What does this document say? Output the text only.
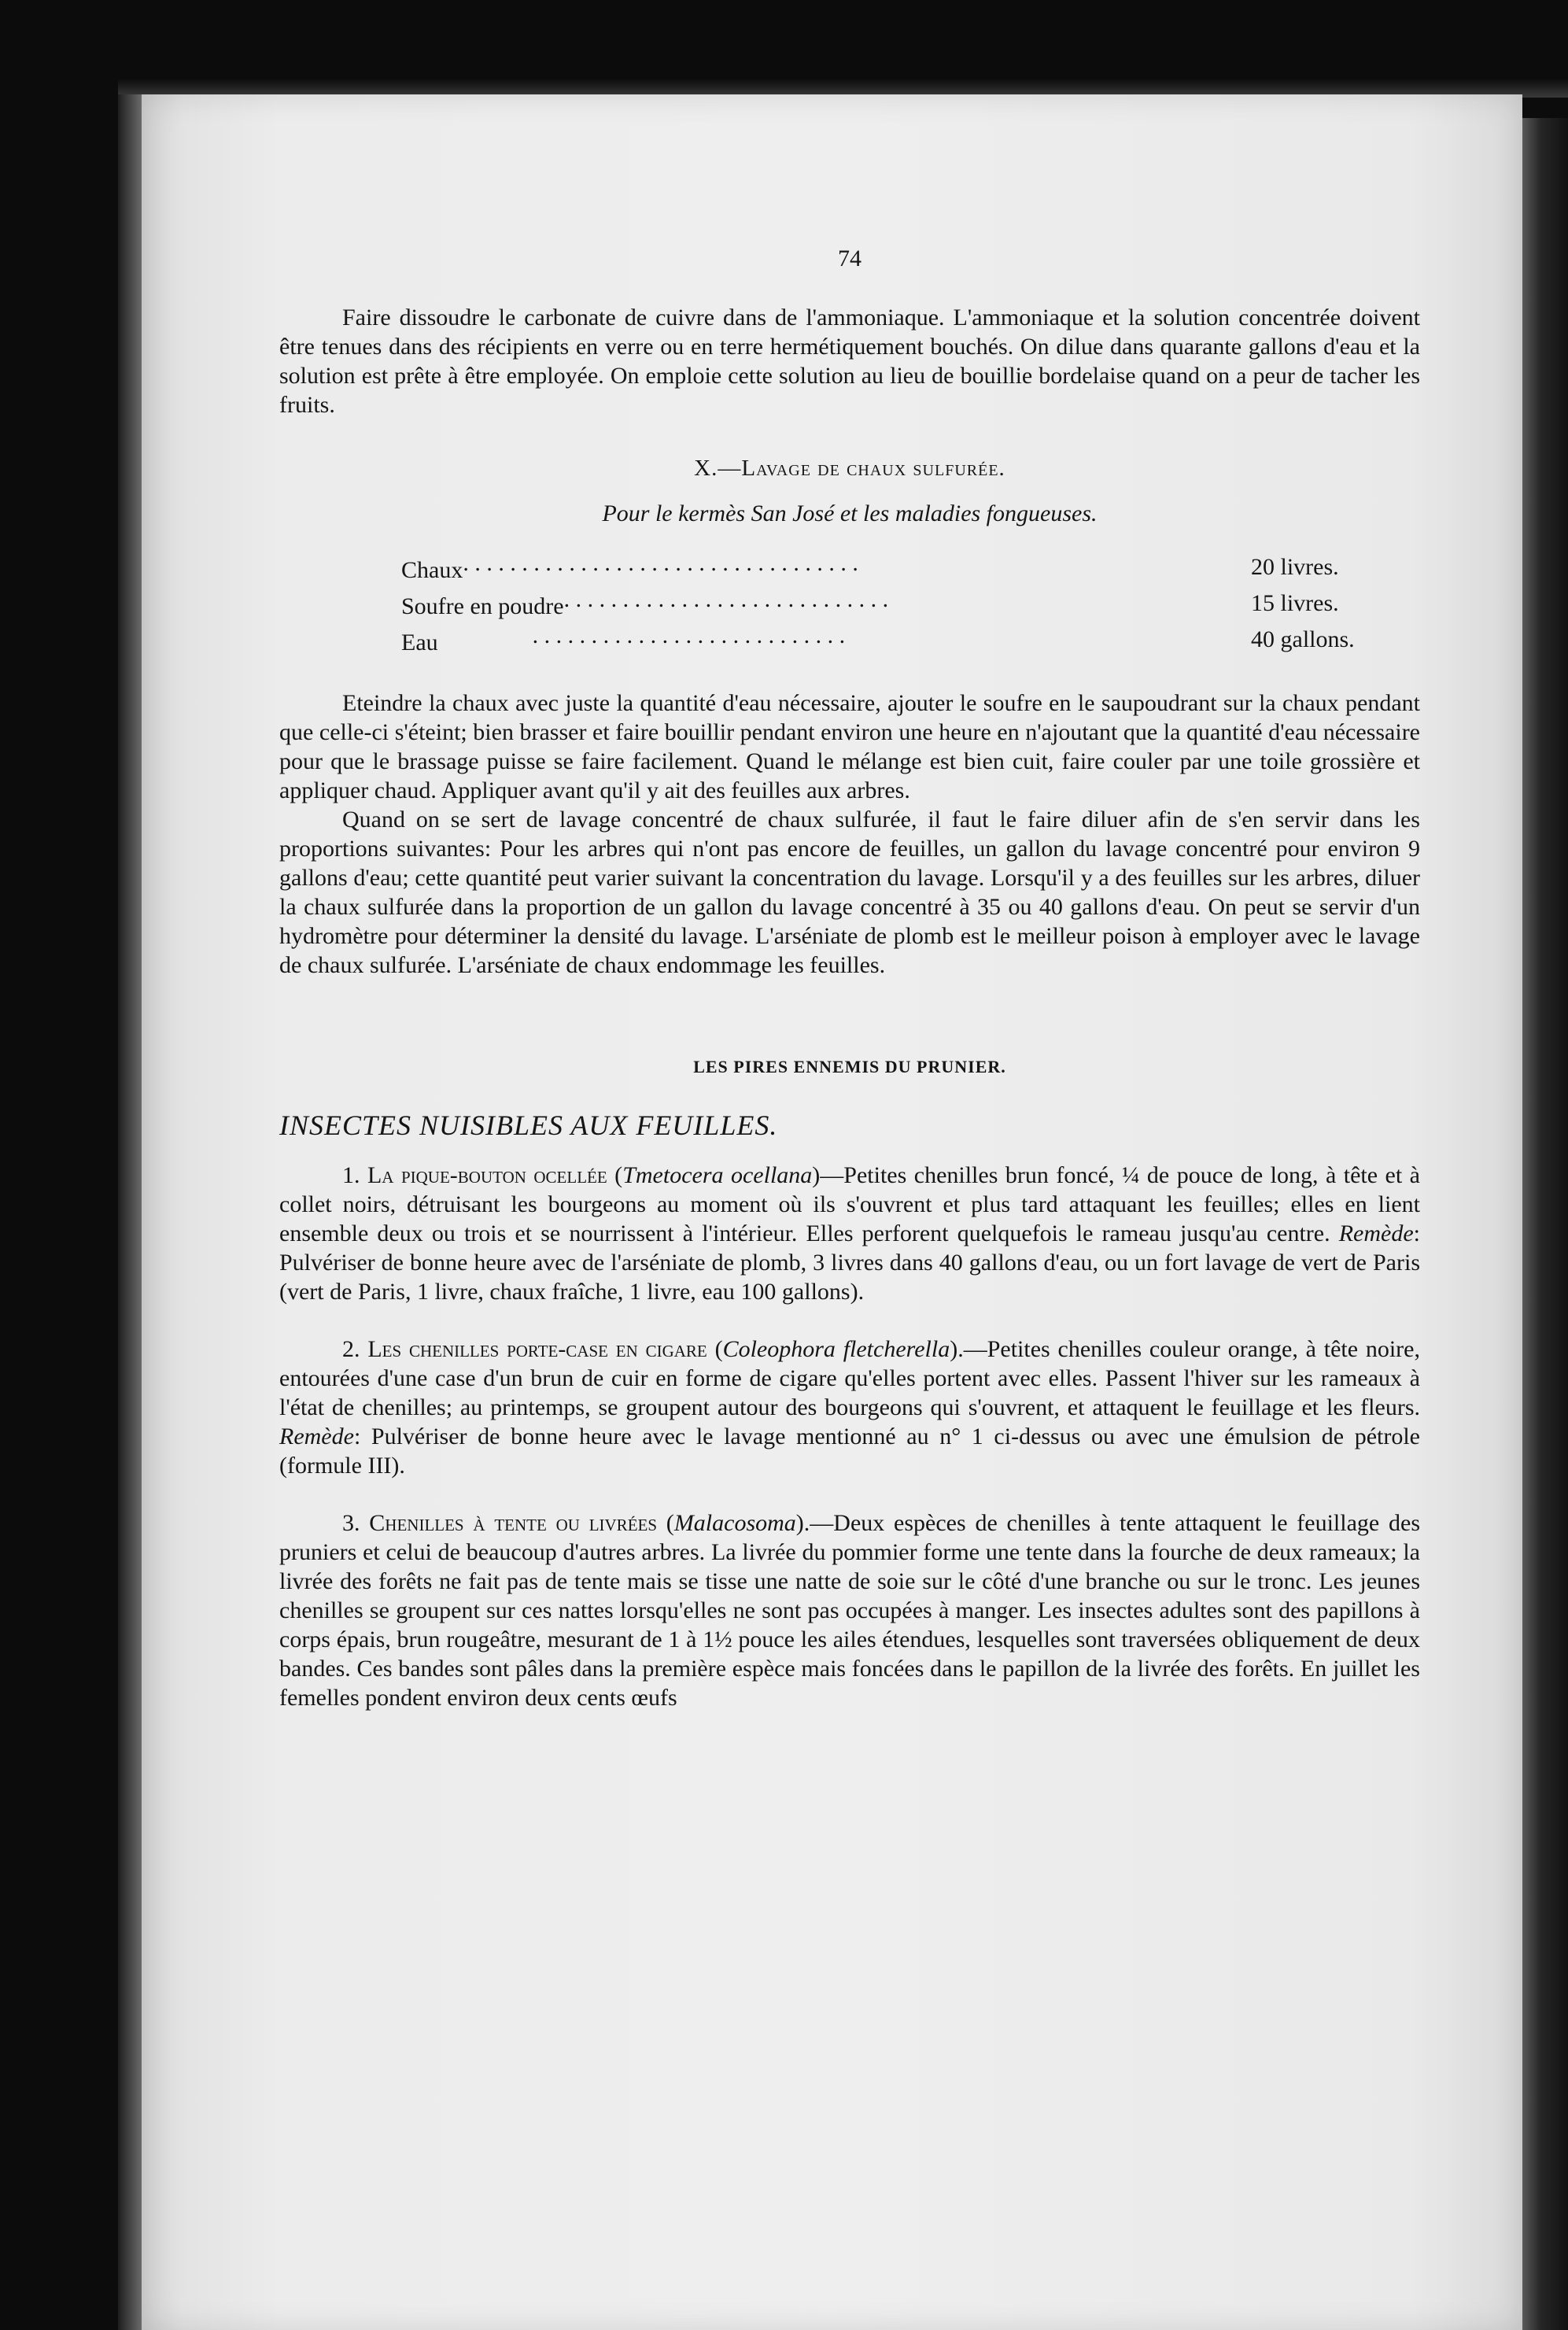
74

Faire dissoudre le carbonate de cuivre dans de l'ammoniaque. L'ammoniaque et la solution concentrée doivent être tenues dans des récipients en verre ou en terre hermétiquement bouchés. On dilue dans quarante gallons d'eau et la solution est prête à être employée. On emploie cette solution au lieu de bouillie bordelaise quand on a peur de tacher les fruits.

X.—Lavage de chaux sulfurée.
Pour le kermès San José et les maladies fongueuses.
Chaux. . . . . . . . . . . . . . . . . . . . . . . . . . . . . . . . . .	20 livres.
Soufre en poudre. . . . . . . . . . . . . . . . . . . . . . . . . . . .	15 livres.
Eau                . . . . . . . . . . . . . . . . . . . . . . . . . . .	40 gallons.

Eteindre la chaux avec juste la quantité d'eau nécessaire, ajouter le soufre en le saupoudrant sur la chaux pendant que celle-ci s'éteint; bien brasser et faire bouillir pendant environ une heure en n'ajoutant que la quantité d'eau nécessaire pour que le brassage puisse se faire facilement. Quand le mélange est bien cuit, faire couler par une toile grossière et appliquer chaud. Appliquer avant qu'il y ait des feuilles aux arbres.

Quand on se sert de lavage concentré de chaux sulfurée, il faut le faire diluer afin de s'en servir dans les proportions suivantes: Pour les arbres qui n'ont pas encore de feuilles, un gallon du lavage concentré pour environ 9 gallons d'eau; cette quantité peut varier suivant la concentration du lavage. Lorsqu'il y a des feuilles sur les arbres, diluer la chaux sulfurée dans la proportion de un gallon du lavage concentré à 35 ou 40 gallons d'eau. On peut se servir d'un hydromètre pour déterminer la densité du lavage. L'arséniate de plomb est le meilleur poison à employer avec le lavage de chaux sulfurée. L'arséniate de chaux endommage les feuilles.

LES PIRES ENNEMIS DU PRUNIER.
INSECTES NUISIBLES AUX FEUILLES.

1. La pique-bouton ocellée (Tmetocera ocellana)—Petites chenilles brun foncé, ¼ de pouce de long, à tête et à collet noirs, détruisant les bourgeons au moment où ils s'ouvrent et plus tard attaquant les feuilles; elles en lient ensemble deux ou trois et se nourrissent à l'intérieur. Elles perforent quelquefois le rameau jusqu'au centre. Remède: Pulvériser de bonne heure avec de l'arséniate de plomb, 3 livres dans 40 gallons d'eau, ou un fort lavage de vert de Paris (vert de Paris, 1 livre, chaux fraîche, 1 livre, eau 100 gallons).

2. Les chenilles porte-case en cigare (Coleophora fletcherella).—Petites chenilles couleur orange, à tête noire, entourées d'une case d'un brun de cuir en forme de cigare qu'elles portent avec elles. Passent l'hiver sur les rameaux à l'état de chenilles; au printemps, se groupent autour des bourgeons qui s'ouvrent, et attaquent le feuillage et les fleurs. Remède: Pulvériser de bonne heure avec le lavage mentionné au n° 1 ci-dessus ou avec une émulsion de pétrole (formule III).

3. Chenilles à tente ou livrées (Malacosoma).—Deux espèces de chenilles à tente attaquent le feuillage des pruniers et celui de beaucoup d'autres arbres. La livrée du pommier forme une tente dans la fourche de deux rameaux; la livrée des forêts ne fait pas de tente mais se tisse une natte de soie sur le côté d'une branche ou sur le tronc. Les jeunes chenilles se groupent sur ces nattes lorsqu'elles ne sont pas occupées à manger. Les insectes adultes sont des papillons à corps épais, brun rougeâtre, mesurant de 1 à 1½ pouce les ailes étendues, lesquelles sont traversées obliquement de deux bandes. Ces bandes sont pâles dans la première espèce mais foncées dans le papillon de la livrée des forêts. En juillet les femelles pondent environ deux cents œufs
